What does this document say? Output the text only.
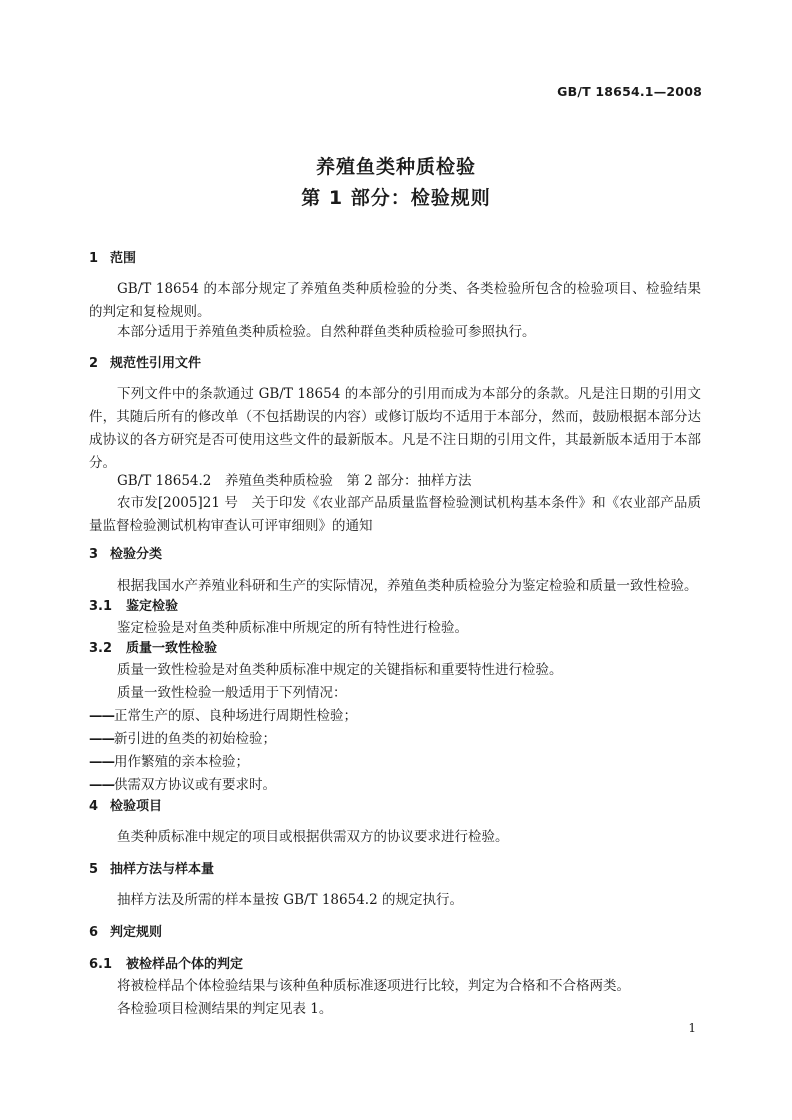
GB/T 18654.1—2008
养殖鱼类种质检验
第 1 部分：检验规则
1 范围

GB/T 18654 的本部分规定了养殖鱼类种质检验的分类、各类检验所包含的检验项目、检验结果的判定和复检规则。

本部分适用于养殖鱼类种质检验。自然种群鱼类种质检验可参照执行。

2 规范性引用文件

下列文件中的条款通过 GB/T 18654 的本部分的引用而成为本部分的条款。凡是注日期的引用文件，其随后所有的修改单（不包括勘误的内容）或修订版均不适用于本部分，然而，鼓励根据本部分达成协议的各方研究是否可使用这些文件的最新版本。凡是不注日期的引用文件，其最新版本适用于本部分。

GB/T 18654.2　养殖鱼类种质检验　第 2 部分：抽样方法

农市发[2005]21 号　关于印发《农业部产品质量监督检验测试机构基本条件》和《农业部产品质量监督检验测试机构审查认可评审细则》的通知

3 检验分类

根据我国水产养殖业科研和生产的实际情况，养殖鱼类种质检验分为鉴定检验和质量一致性检验。

3.1 鉴定检验

鉴定检验是对鱼类种质标准中所规定的所有特性进行检验。

3.2 质量一致性检验

质量一致性检验是对鱼类种质标准中规定的关键指标和重要特性进行检验。

质量一致性检验一般适用于下列情况：

——正常生产的原、良种场进行周期性检验；

——新引进的鱼类的初始检验；

——用作繁殖的亲本检验；

——供需双方协议或有要求时。

4 检验项目

鱼类种质标准中规定的项目或根据供需双方的协议要求进行检验。

5 抽样方法与样本量

抽样方法及所需的样本量按 GB/T 18654.2 的规定执行。

6 判定规则
6.1 被检样品个体的判定

将被检样品个体检验结果与该种鱼种质标准逐项进行比较，判定为合格和不合格两类。

各检验项目检测结果的判定见表 1。

1
